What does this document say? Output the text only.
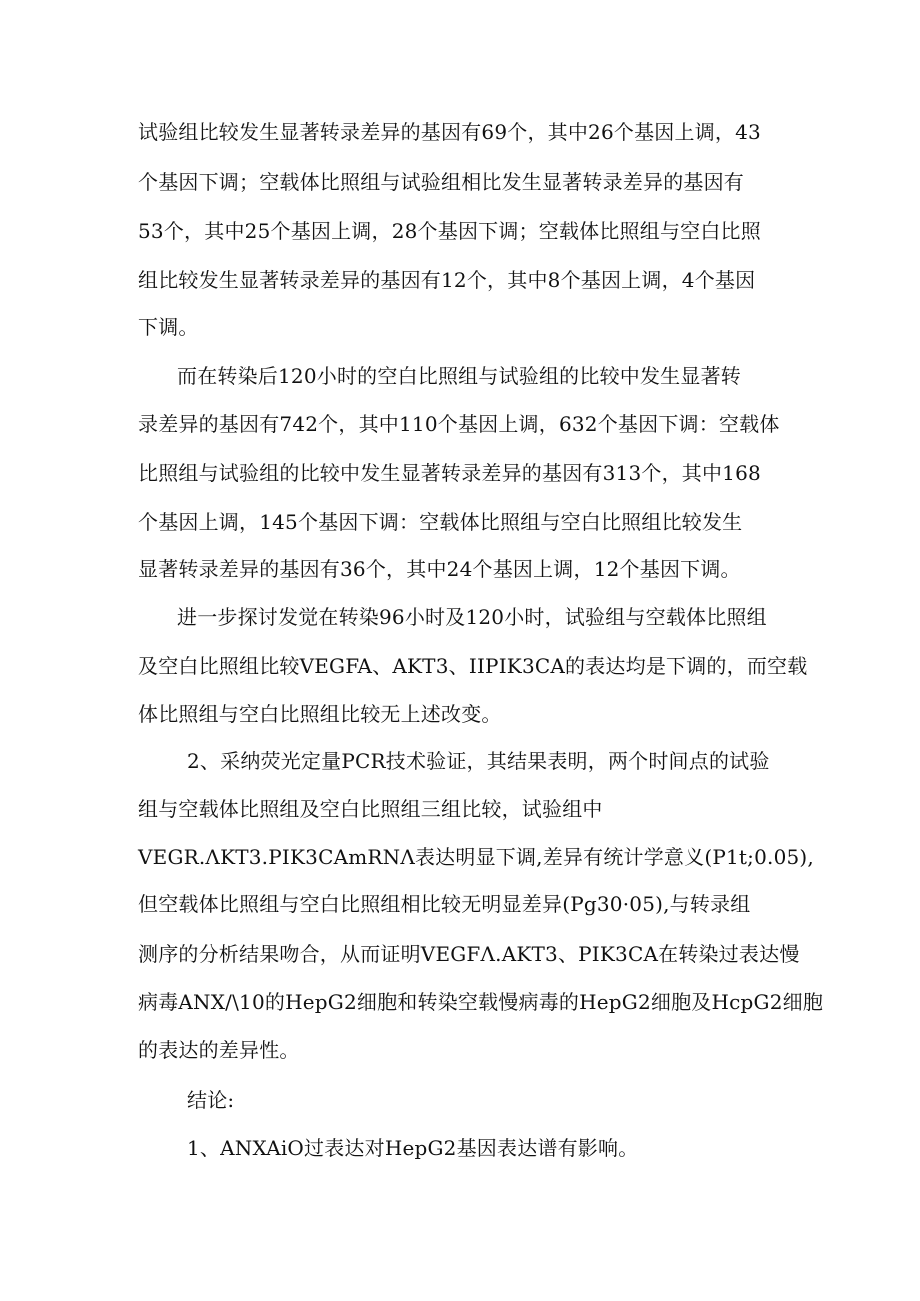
试验组比较发生显著转录差异的基因有69个，其中26个基因上调，43
个基因下调；空载体比照组与试验组相比发生显著转录差异的基因有
53个，其中25个基因上调，28个基因下调；空载体比照组与空白比照
组比较发生显著转录差异的基因有12个，其中8个基因上调，4个基因
下调。
而在转染后120小时的空白比照组与试验组的比较中发生显著转
录差异的基因有742个，其中110个基因上调，632个基因下调：空载体
比照组与试验组的比较中发生显著转录差异的基因有313个，其中168
个基因上调，145个基因下调：空载体比照组与空白比照组比较发生
显著转录差异的基因有36个，其中24个基因上调，12个基因下调。
进一步探讨发觉在转染96小时及120小时，试验组与空载体比照组
及空白比照组比较VEGFA、AKT3、IIPIK3CA的表达均是下调的，而空载
体比照组与空白比照组比较无上述改变。
2、采纳荧光定量PCR技术验证，其结果表明，两个时间点的试验
组与空载体比照组及空白比照组三组比较，试验组中
VEGR.ΛKT3.PIK3CAmRNΛ表达明显下调,差异有统计学意义(P1t;0.05),
但空载体比照组与空白比照组相比较无明显差异(Pg30·05),与转录组
测序的分析结果吻合，从而证明VEGFΛ.AKT3、PIK3CA在转染过表达慢
病毒ANX/\10的HepG2细胞和转染空载慢病毒的HepG2细胞及HcpG2细胞
的表达的差异性。
结论:
1、ANXAiO过表达对HepG2基因表达谱有影响。
